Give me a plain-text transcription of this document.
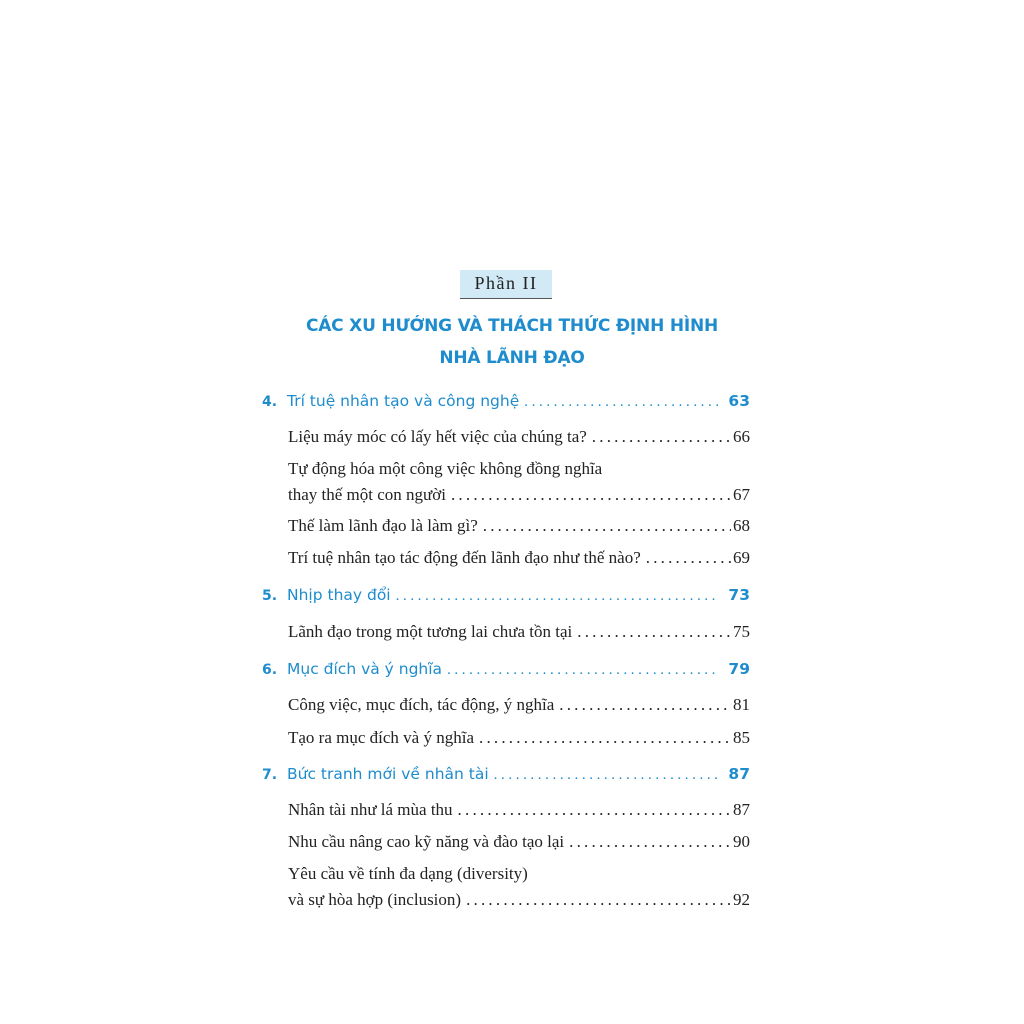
Phần II
CÁC XU HƯỚNG VÀ THÁCH THỨC ĐỊNH HÌNH
NHÀ LÃNH ĐẠO
4. Trí tuệ nhân tạo và công nghệ .....	63
Liệu máy móc có lấy hết việc của chúng ta? .....	66
Tự động hóa một công việc không đồng nghĩa
thay thế một con người .....	67
Thế làm lãnh đạo là làm gì? .....	68
Trí tuệ nhân tạo tác động đến lãnh đạo như thế nào? .....	69
5. Nhịp thay đổi .....	73
Lãnh đạo trong một tương lai chưa tồn tại .....	75
6. Mục đích và ý nghĩa .....	79
Công việc, mục đích, tác động, ý nghĩa .....	81
Tạo ra mục đích và ý nghĩa .....	85
7. Bức tranh mới về nhân tài .....	87
Nhân tài như lá mùa thu .....	87
Nhu cầu nâng cao kỹ năng và đào tạo lại .....	90
Yêu cầu về tính đa dạng (diversity)
và sự hòa hợp (inclusion) .....	92
